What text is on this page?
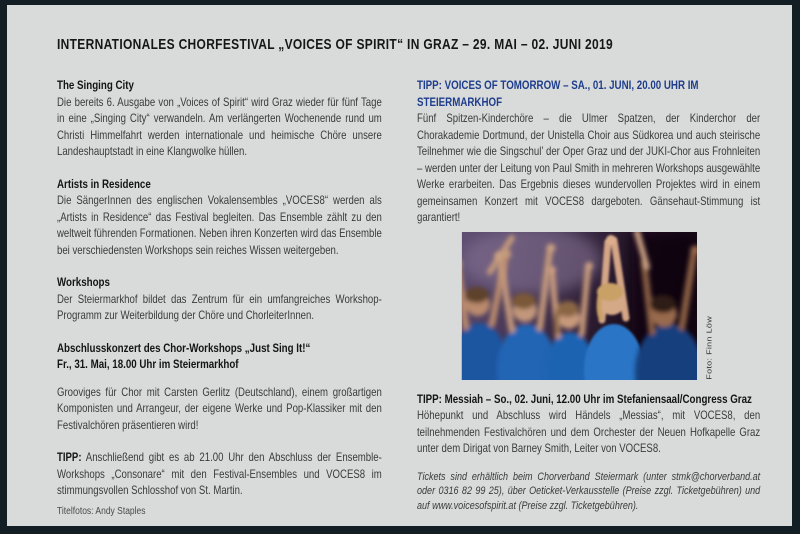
INTERNATIONALES CHORFESTIVAL „VOICES OF SPIRIT“ IN GRAZ – 29. MAI – 02. JUNI 2019
The Singing City

Die bereits 6. Ausgabe von „Voices of Spirit“ wird Graz wieder für fünf Tage in eine „Singing City“ verwandeln. Am verlängerten Wochenende rund um Christi Himmelfahrt werden internationale und heimische Chöre unsere Landeshauptstadt in eine Klangwolke hüllen.

Artists in Residence

Die SängerInnen des englischen Vokalensembles „VOCES8“ werden als „Artists in Residence“ das Festival begleiten. Das Ensemble zählt zu den weltweit führenden Formationen. Neben ihren Konzerten wird das Ensemble bei verschiedensten Workshops sein reiches Wissen weitergeben.

Workshops

Der Steiermarkhof bildet das Zentrum für ein umfangreiches Workshop-Programm zur Weiterbildung der Chöre und ChorleiterInnen.

Abschlusskonzert des Chor-Workshops „Just Sing It!“
Fr., 31. Mai, 18.00 Uhr im Steiermarkhof

Grooviges für Chor mit Carsten Gerlitz (Deutschland), einem großartigen Komponisten und Arrangeur, der eigene Werke und Pop-Klassiker mit den Festivalchören präsentieren wird!

TIPP: Anschließend gibt es ab 21.00 Uhr den Abschluss der Ensemble-Workshops „Consonare“ mit den Festival-Ensembles und VOCES8 im stimmungsvollen Schlosshof von St. Martin.

TIPP: VOICES OF TOMORROW – SA., 01. JUNI, 20.00 UHR IM STEIERMARKHOF

Fünf Spitzen-Kinderchöre – die Ulmer Spatzen, der Kinderchor der Chorakademie Dortmund, der Unistella Choir aus Südkorea und auch steirische Teilnehmer wie die Singschul’ der Oper Graz und der JUKI-Chor aus Frohnleiten – werden unter der Leitung von Paul Smith in mehreren Workshops ausgewählte Werke erarbeiten. Das Ergebnis dieses wundervollen Projektes wird in einem gemeinsamen Konzert mit VOCES8 dargeboten. Gänsehaut-Stimmung ist garantiert!

Foto: Finn Löw
TIPP: Messiah – So., 02. Juni, 12.00 Uhr im Stefaniensaal/Congress Graz

Höhepunkt und Abschluss wird Händels „Messias“, mit VOCES8, den teilnehmenden Festivalchören und dem Orchester der Neuen Hofkapelle Graz unter dem Dirigat von Barney Smith, Leiter von VOCES8.

Tickets sind erhältlich beim Chorverband Steiermark (unter stmk@chorverband.at oder 0316 82 99 25), über Oeticket-Verkausstelle (Preise zzgl. Ticketgebühren) und auf www.voicesofspirit.at (Preise zzgl. Ticketgebühren).

Titelfotos: Andy Staples
